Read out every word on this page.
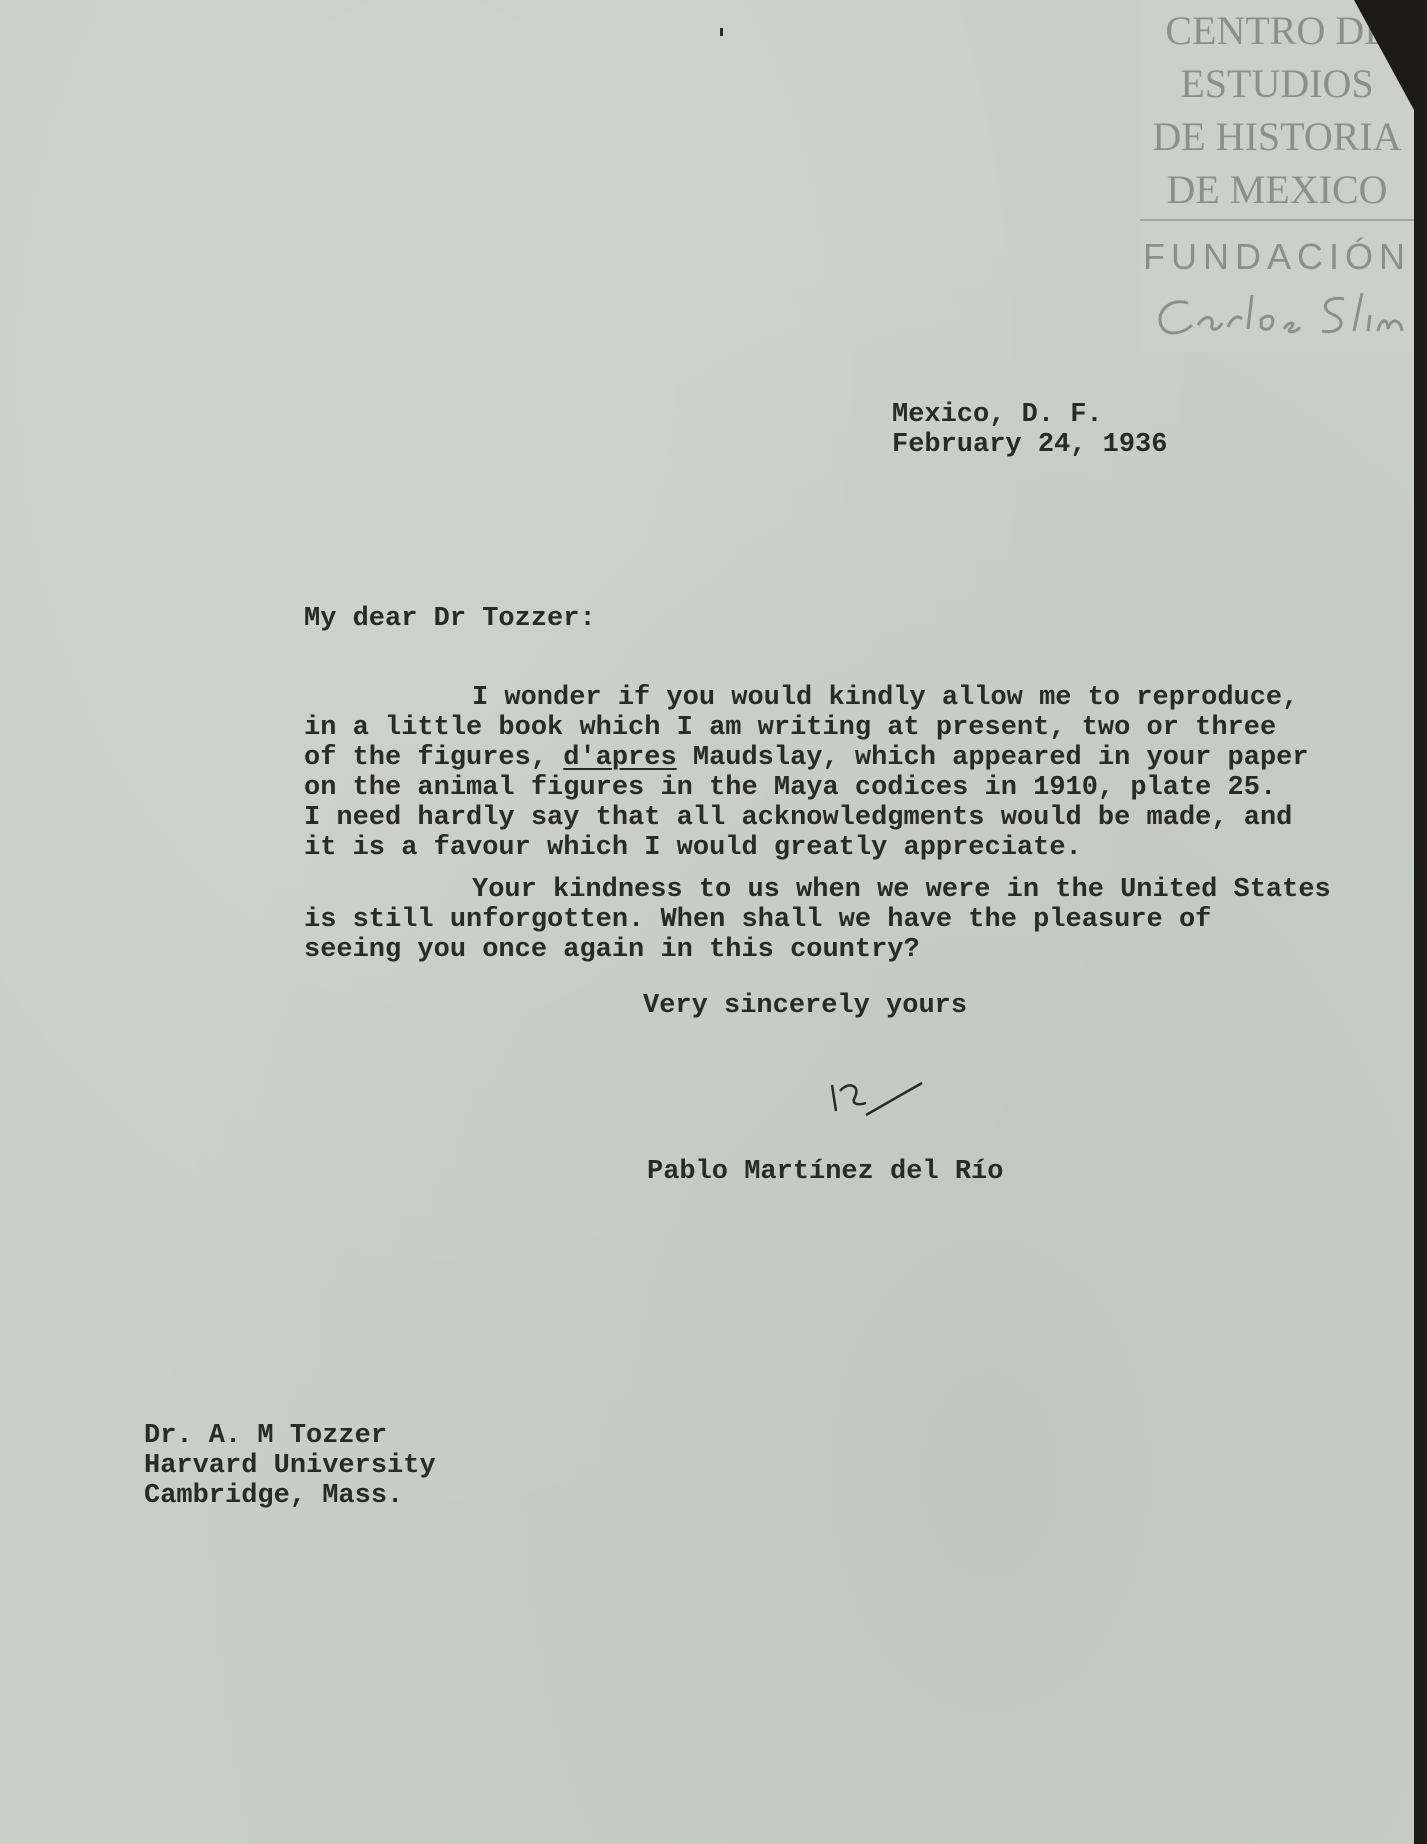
CENTRO DE
ESTUDIOS
DE HISTORIA
DE MEXICO
FUNDACIÓN
Mexico, D. F.
February 24, 1936
My dear Dr Tozzer:
I wonder if you would kindly allow me to reproduce,
in a little book which I am writing at present, two or three
of the figures, d'apres Maudslay, which appeared in your paper
on the animal figures in the Maya codices in 1910, plate 25.
I need hardly say that all acknowledgments would be made, and
it is a favour which I would greatly appreciate.
Your kindness to us when we were in the United States
is still unforgotten. When shall we have the pleasure of
seeing you once again in this country?
Very sincerely yours
Pablo Martínez del Río
Dr. A. M Tozzer
Harvard University
Cambridge, Mass.
